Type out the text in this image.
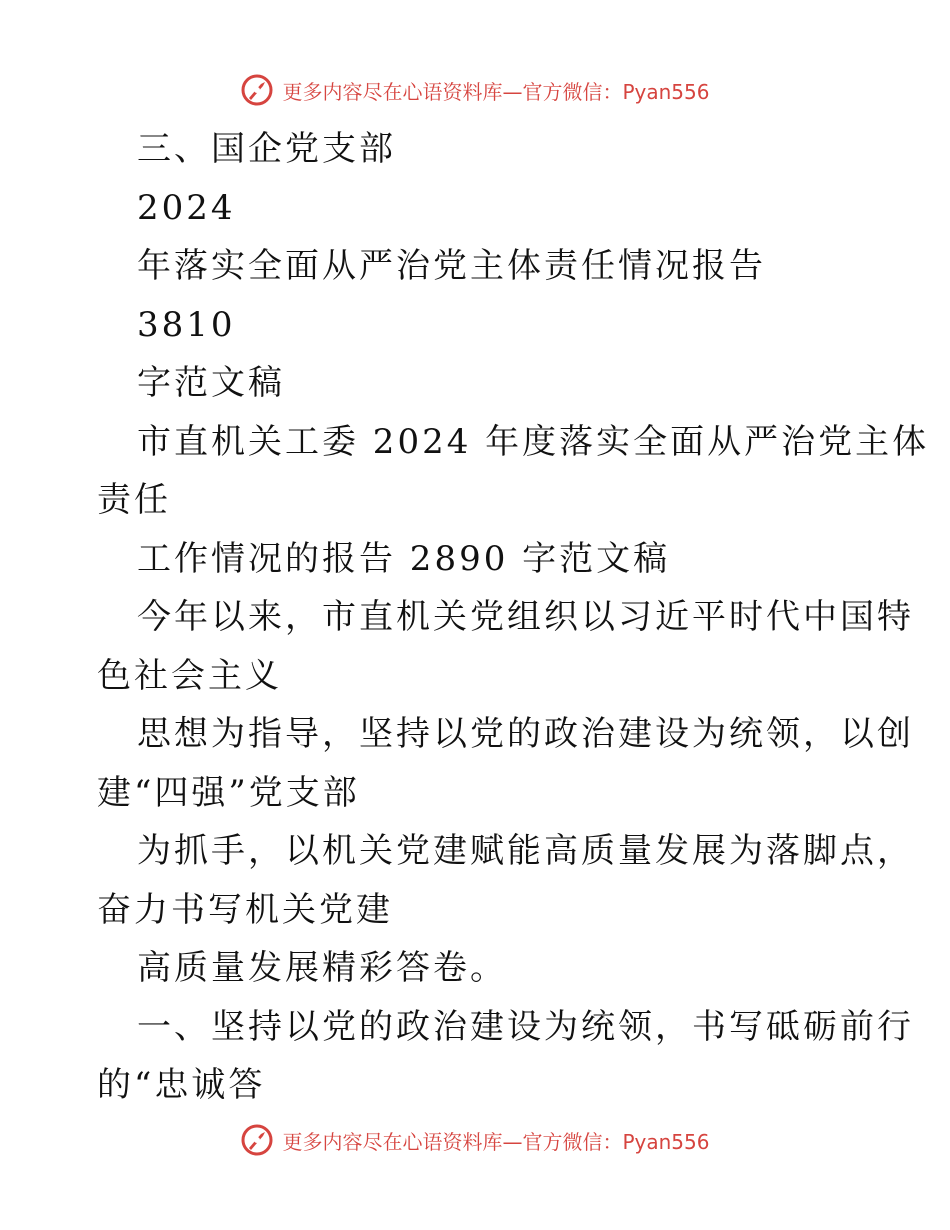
更多内容尽在心语资料库—官方微信：Pyan556
三、国企党支部
2024
年落实全面从严治党主体责任情况报告
3810
字范文稿
市直机关工委 2024 年度落实全面从严治党主体
责任
工作情况的报告 2890 字范文稿
今年以来，市直机关党组织以习近平时代中国特
色社会主义
思想为指导，坚持以党的政治建设为统领，以创
建“四强”党支部
为抓手，以机关党建赋能高质量发展为落脚点，
奋力书写机关党建
高质量发展精彩答卷。
一、坚持以党的政治建设为统领，书写砥砺前行
的“忠诚答
更多内容尽在心语资料库—官方微信：Pyan556
